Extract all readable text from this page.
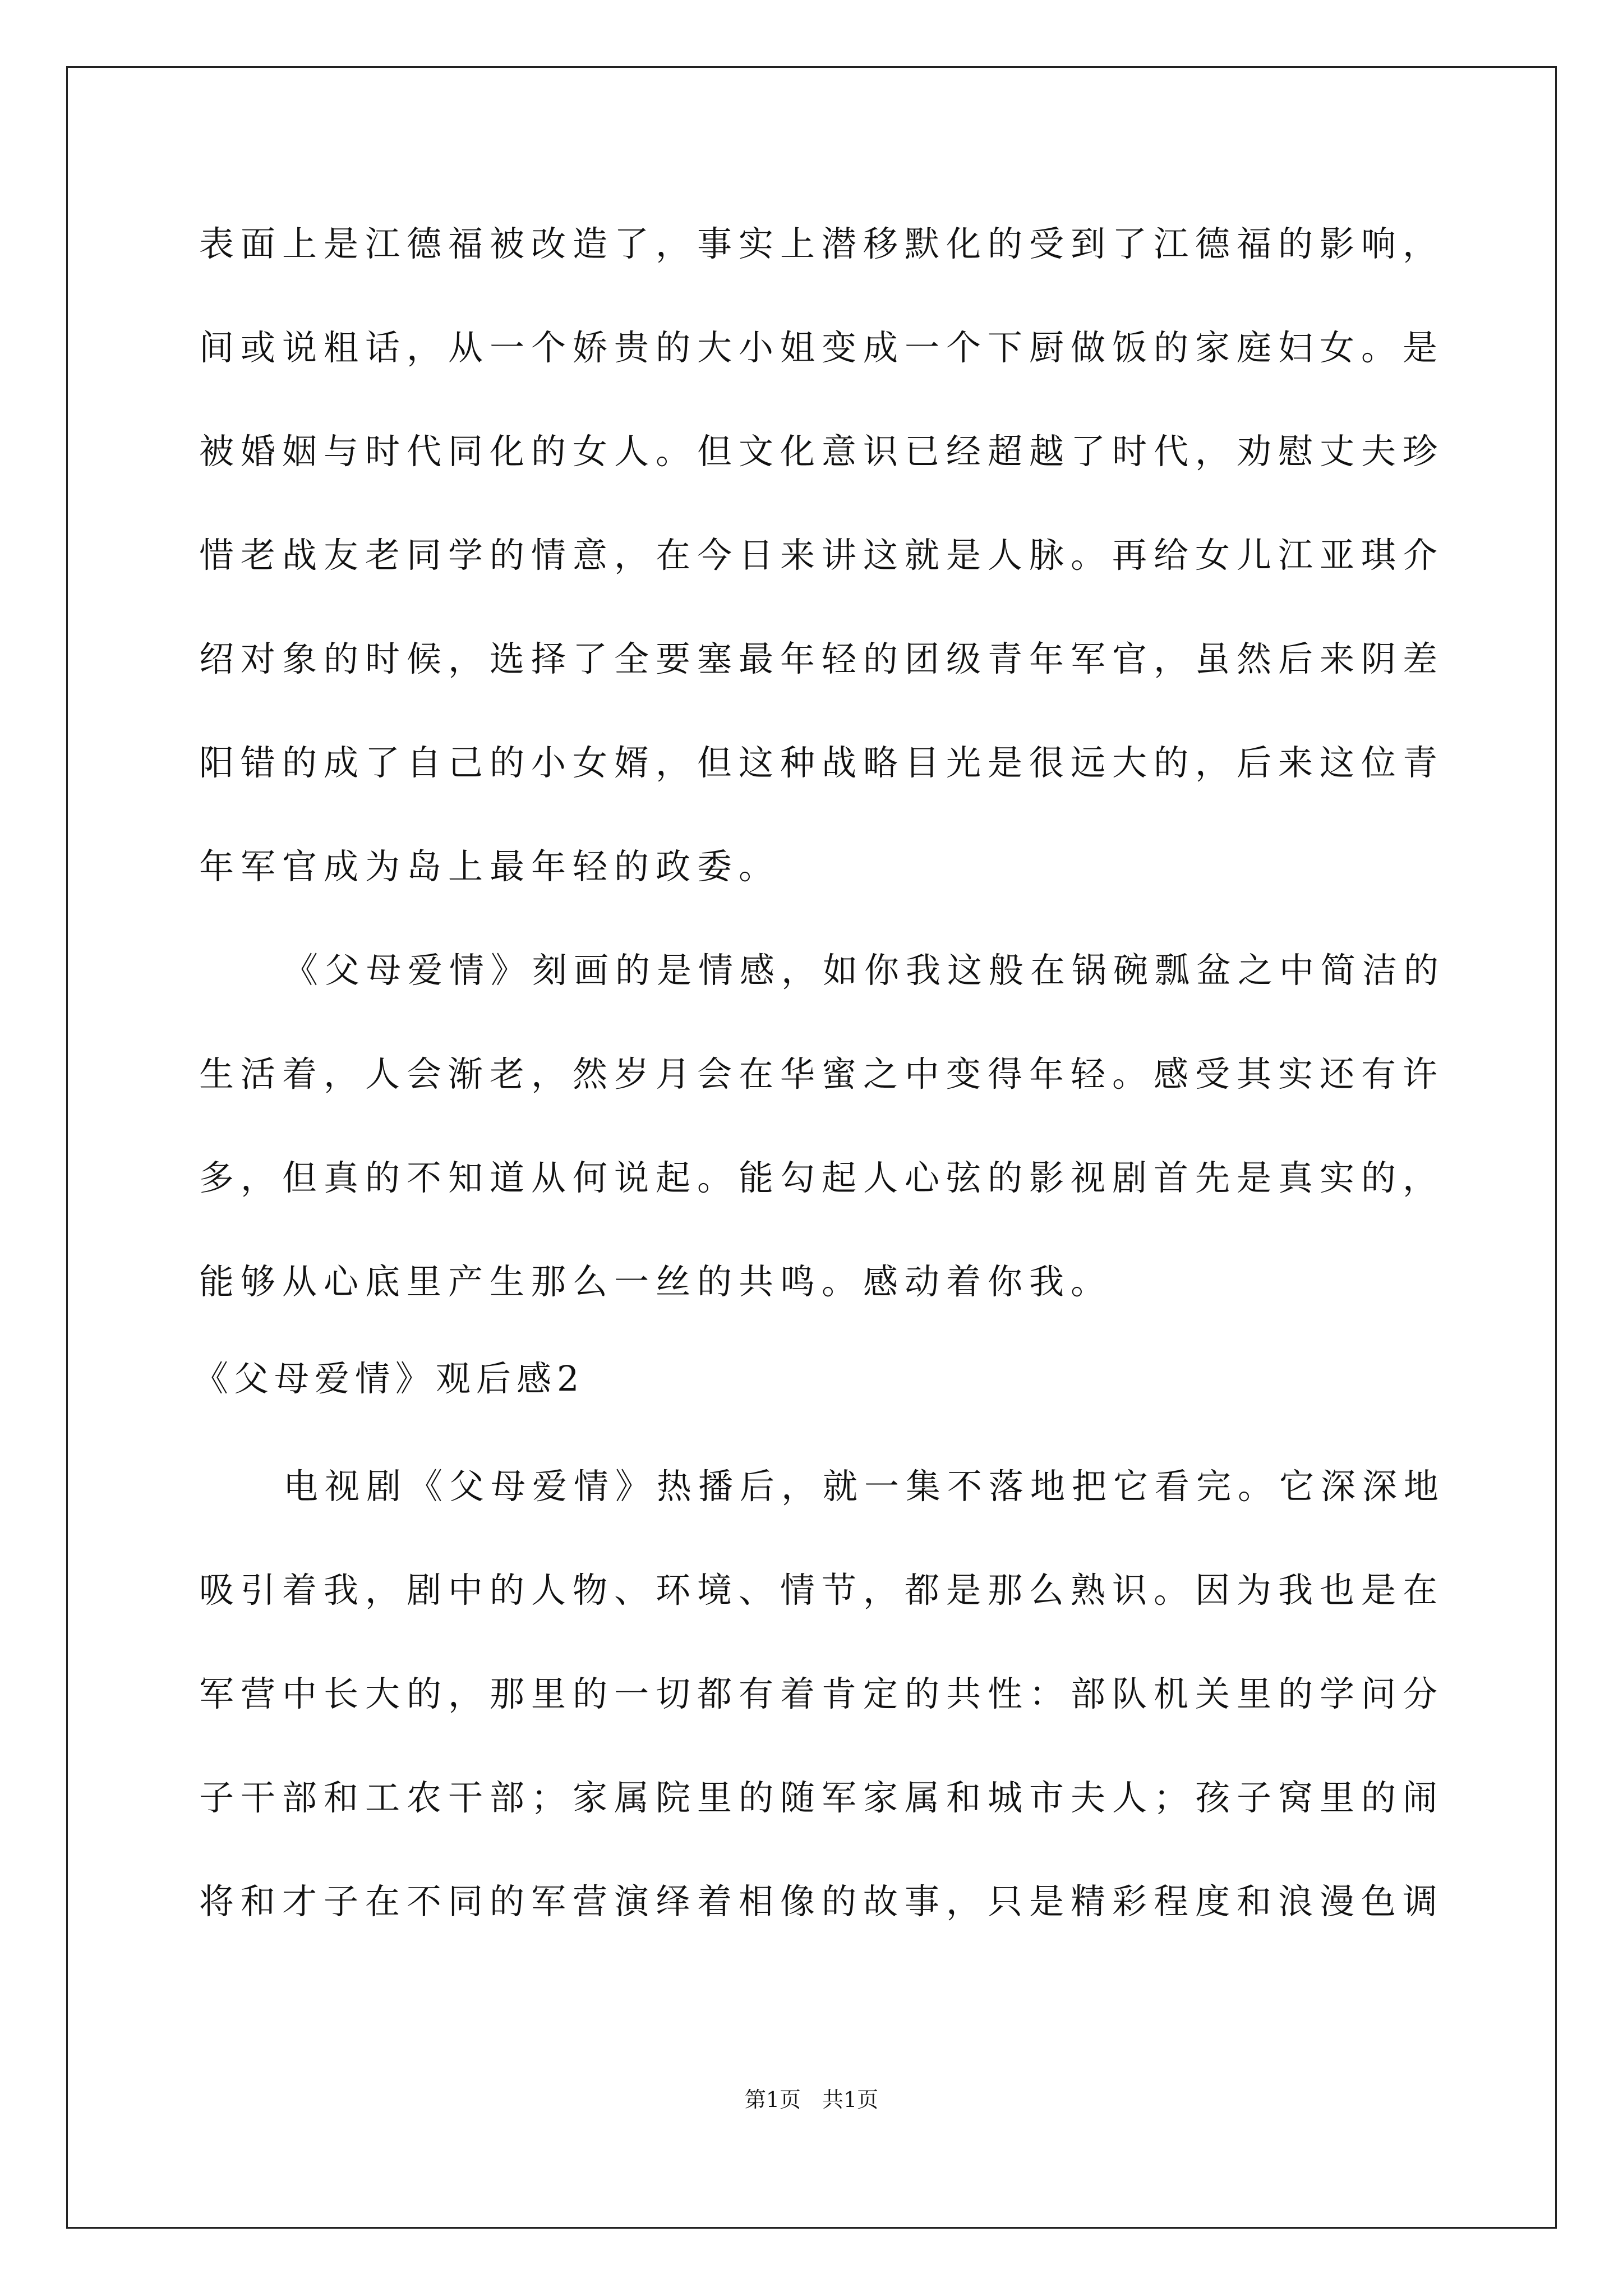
表面上是江德福被改造了，事实上潜移默化的受到了江德福的影响，
间或说粗话，从一个娇贵的大小姐变成一个下厨做饭的家庭妇女。是
被婚姻与时代同化的女人。但文化意识已经超越了时代，劝慰丈夫珍
惜老战友老同学的情意，在今日来讲这就是人脉。再给女儿江亚琪介
绍对象的时候，选择了全要塞最年轻的团级青年军官，虽然后来阴差
阳错的成了自己的小女婿，但这种战略目光是很远大的，后来这位青
年军官成为岛上最年轻的政委。
《父母爱情》刻画的是情感，如你我这般在锅碗瓢盆之中简洁的
生活着，人会渐老，然岁月会在华蜜之中变得年轻。感受其实还有许
多，但真的不知道从何说起。能勾起人心弦的影视剧首先是真实的，
能够从心底里产生那么一丝的共鸣。感动着你我。
《父母爱情》观后感2
电视剧《父母爱情》热播后，就一集不落地把它看完。它深深地
吸引着我，剧中的人物、环境、情节，都是那么熟识。因为我也是在
军营中长大的，那里的一切都有着肯定的共性：部队机关里的学问分
子干部和工农干部；家属院里的随军家属和城市夫人；孩子窝里的闹
将和才子在不同的军营演绎着相像的故事，只是精彩程度和浪漫色调
第1页　共1页
